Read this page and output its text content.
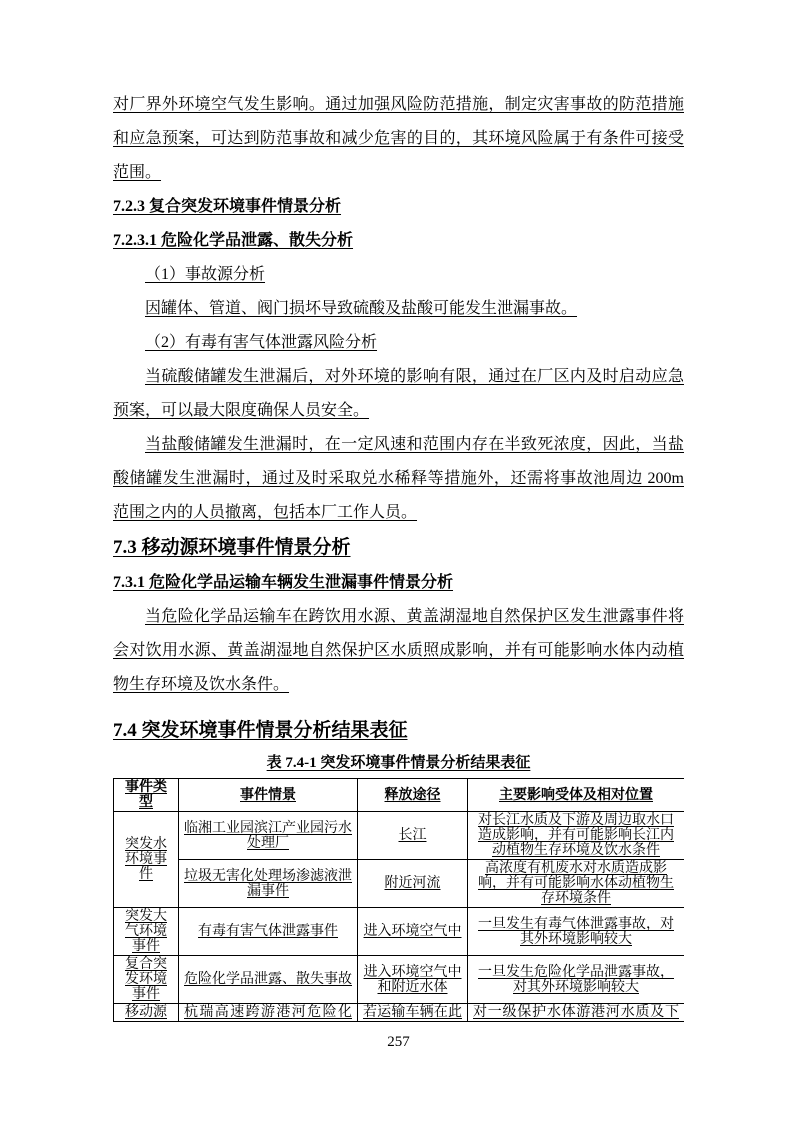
对厂界外环境空气发生影响。通过加强风险防范措施，制定灾害事故的防范措施和应急预案，可达到防范事故和减少危害的目的，其环境风险属于有条件可接受范围。

7.2.3 复合突发环境事件情景分析
7.2.3.1 危险化学品泄露、散失分析

（1）事故源分析

因罐体、管道、阀门损坏导致硫酸及盐酸可能发生泄漏事故。

（2）有毒有害气体泄露风险分析

当硫酸储罐发生泄漏后，对外环境的影响有限，通过在厂区内及时启动应急预案，可以最大限度确保人员安全。

当盐酸储罐发生泄漏时，在一定风速和范围内存在半致死浓度，因此，当盐酸储罐发生泄漏时，通过及时采取兑水稀释等措施外，还需将事故池周边 200m 范围之内的人员撤离，包括本厂工作人员。

7.3 移动源环境事件情景分析
7.3.1 危险化学品运输车辆发生泄漏事件情景分析

当危险化学品运输车在跨饮用水源、黄盖湖湿地自然保护区发生泄露事件将会对饮用水源、黄盖湖湿地自然保护区水质照成影响，并有可能影响水体内动植物生存环境及饮水条件。

7.4 突发环境事件情景分析结果表征
表 7.4-1 突发环境事件情景分析结果表征
事件类型	事件情景	释放途径	主要影响受体及相对位置
突发水环境事件	临湘工业园滨江产业园污水处理厂	长江	对长江水质及下游及周边取水口造成影响，并有可能影响长江内动植物生存环境及饮水条件
	垃圾无害化处理场渗滤液泄漏事件	附近河流	高浓度有机废水对水质造成影响，并有可能影响水体动植物生存环境条件
突发大气环境事件	有毒有害气体泄露事件	进入环境空气中	一旦发生有毒气体泄露事故，对其外环境影响较大
复合突发环境事件	危险化学品泄露、散失事故	进入环境空气中和附近水体	一旦发生危险化学品泄露事故，对其外环境影响较大
移动源	杭瑞高速跨游港河危险化	若运输车辆在此	对一级保护水体游港河水质及下
257
